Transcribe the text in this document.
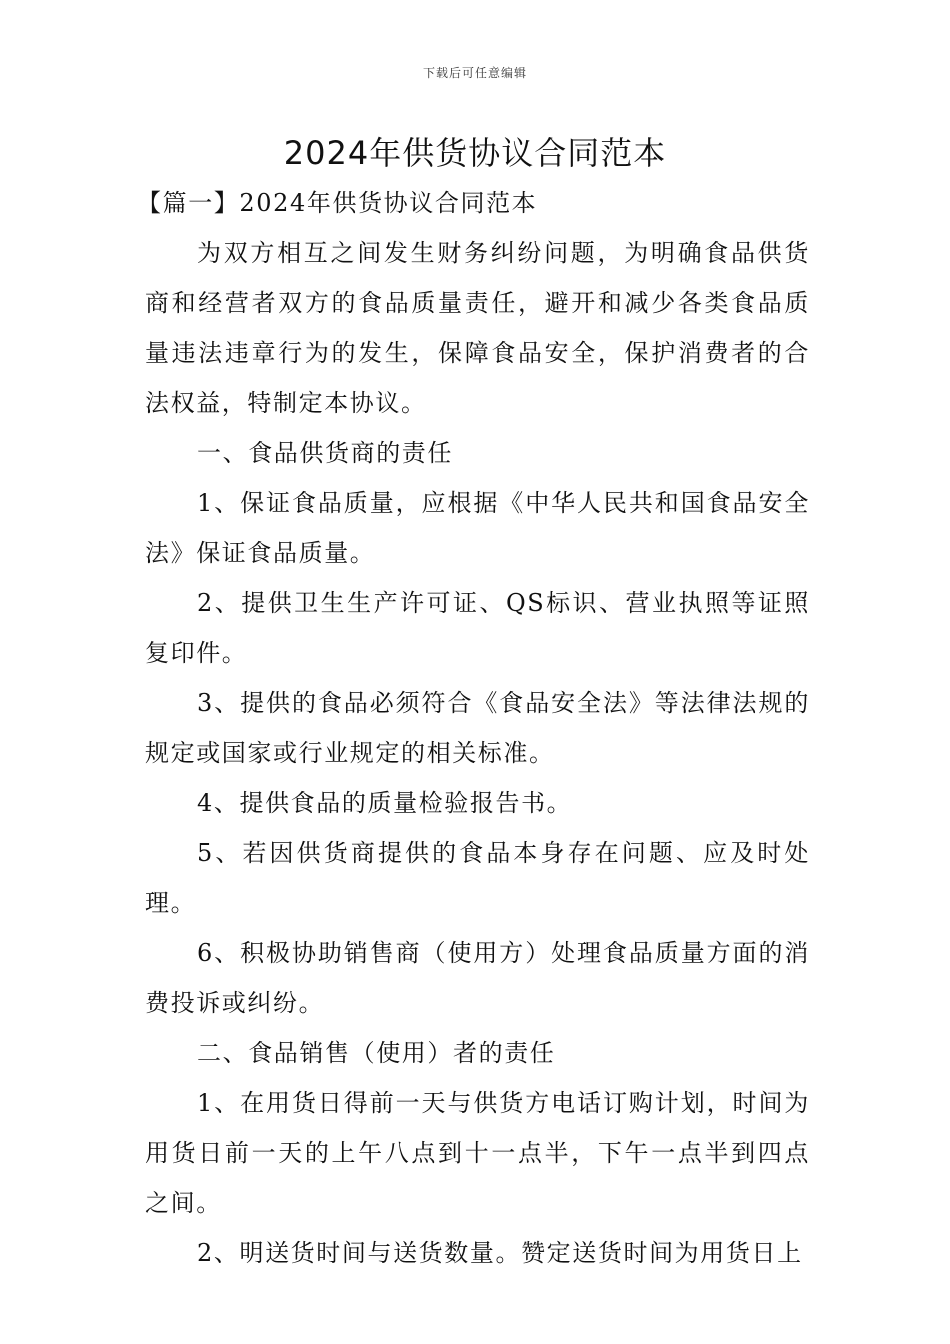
下载后可任意编辑
2024年供货协议合同范本

【篇一】2024年供货协议合同范本

为双方相互之间发生财务纠纷问题，为明确食品供货商和经营者双方的食品质量责任，避开和减少各类食品质量违法违章行为的发生，保障食品安全，保护消费者的合法权益，特制定本协议。

一、食品供货商的责任

1、保证食品质量，应根据《中华人民共和国食品安全法》保证食品质量。

2、提供卫生生产许可证、QS标识、营业执照等证照复印件。

3、提供的食品必须符合《食品安全法》等法律法规的规定或国家或行业规定的相关标准。

4、提供食品的质量检验报告书。

5、若因供货商提供的食品本身存在问题、应及时处理。

6、积极协助销售商（使用方）处理食品质量方面的消费投诉或纠纷。

二、食品销售（使用）者的责任

1、在用货日得前一天与供货方电话订购计划，时间为用货日前一天的上午八点到十一点半，下午一点半到四点之间。

2、明送货时间与送货数量。赞定送货时间为用货日上
